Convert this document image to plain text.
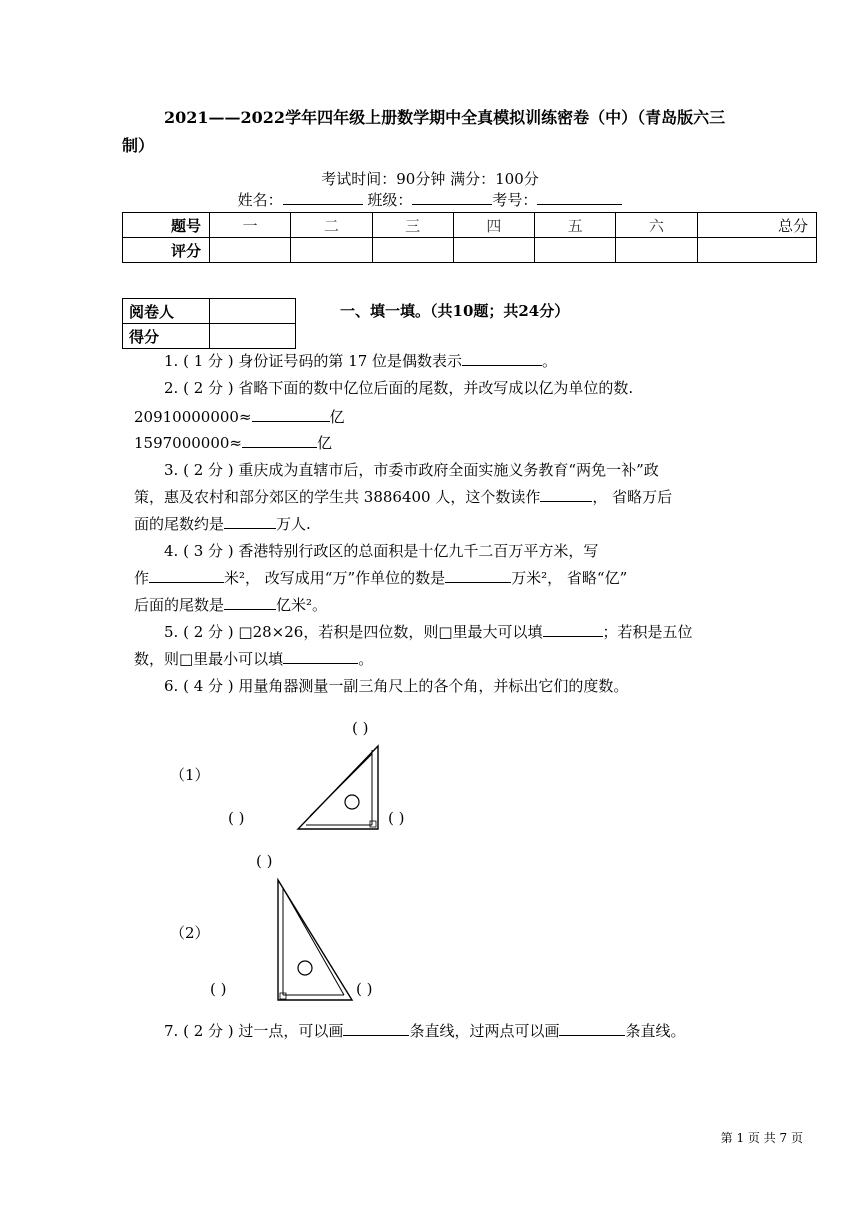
2021——2022学年四年级上册数学期中全真模拟训练密卷（中）（青岛版六三制）
考试时间：90分钟 满分：100分
姓名：	班级：	考号：
题号	一	二	三	四	五	六	总分
评分							
阅卷人	
得分	
一、填一填。（共10题；共24分）
1. ( 1 分 ) 身份证号码的第 17 位是偶数表示	。
2. ( 2 分 ) 省略下面的数中亿位后面的尾数，并改写成以亿为单位的数.
20910000000≈	亿
1597000000≈	亿
3. ( 2 分 ) 重庆成为直辖市后，市委市政府全面实施义务教育“两免一补”政
策，惠及农村和部分郊区的学生共 3886400 人，这个数读作	， 省略万后
面的尾数约是	万人.
4. ( 3 分 ) 香港特别行政区的总面积是十亿九千二百万平方米，写
作	米²， 改写成用“万”作单位的数是	万米²， 省略“亿”
后面的尾数是	亿米²。
5. ( 2 分 ) □28×26，若积是四位数，则□里最大可以填	；若积是五位
数，则□里最小可以填	。
6. ( 4 分 ) 用量角器测量一副三角尺上的各个角，并标出它们的度数。
（1）
( )
( )	( )
（2）
( )
( )	( )
7. ( 2 分 ) 过一点，可以画	条直线，过两点可以画	条直线。
第 1 页 共 7 页
